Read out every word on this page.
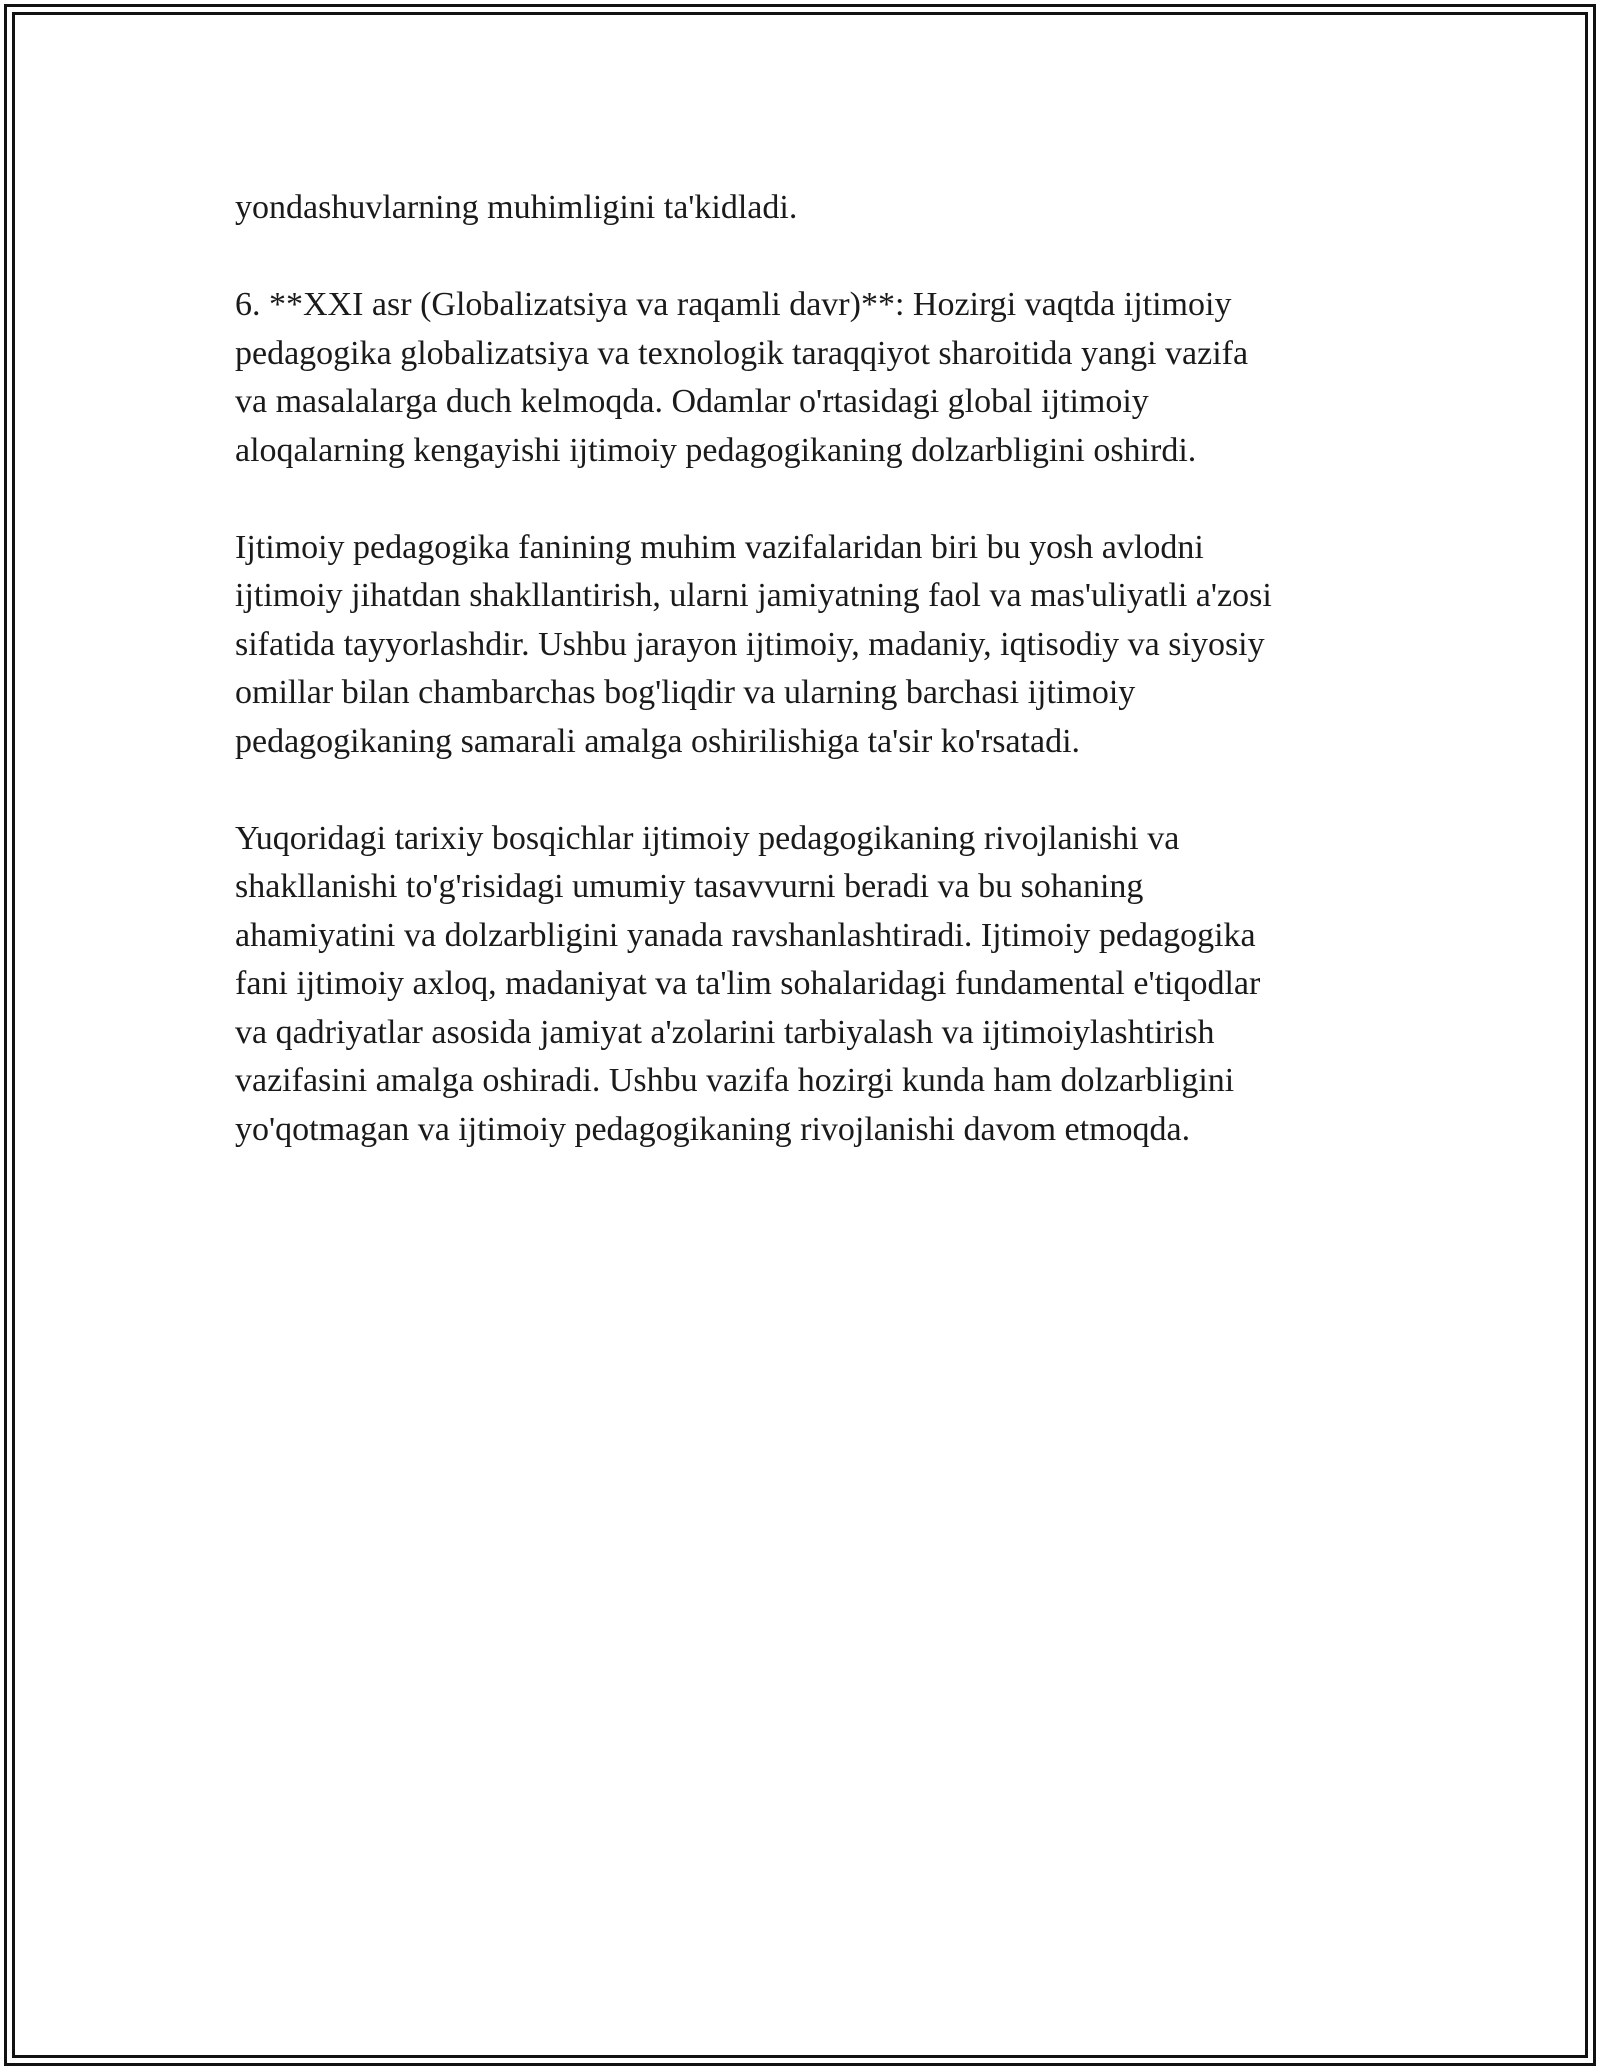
yondashuvlarning muhimligini ta'kidladi.

6. **XXI asr (Globalizatsiya va raqamli davr)**: Hozirgi vaqtda ijtimoiy
pedagogika globalizatsiya va texnologik taraqqiyot sharoitida yangi vazifa
va masalalarga duch kelmoqda. Odamlar o'rtasidagi global ijtimoiy
aloqalarning kengayishi ijtimoiy pedagogikaning dolzarbligini oshirdi.

Ijtimoiy pedagogika fanining muhim vazifalaridan biri bu yosh avlodni
ijtimoiy jihatdan shakllantirish, ularni jamiyatning faol va mas'uliyatli a'zosi
sifatida tayyorlashdir. Ushbu jarayon ijtimoiy, madaniy, iqtisodiy va siyosiy
omillar bilan chambarchas bog'liqdir va ularning barchasi ijtimoiy
pedagogikaning samarali amalga oshirilishiga ta'sir ko'rsatadi.

Yuqoridagi tarixiy bosqichlar ijtimoiy pedagogikaning rivojlanishi va
shakllanishi to'g'risidagi umumiy tasavvurni beradi va bu sohaning
ahamiyatini va dolzarbligini yanada ravshanlashtiradi. Ijtimoiy pedagogika
fani ijtimoiy axloq, madaniyat va ta'lim sohalaridagi fundamental e'tiqodlar
va qadriyatlar asosida jamiyat a'zolarini tarbiyalash va ijtimoiylashtirish
vazifasini amalga oshiradi. Ushbu vazifa hozirgi kunda ham dolzarbligini
yo'qotmagan va ijtimoiy pedagogikaning rivojlanishi davom etmoqda.
